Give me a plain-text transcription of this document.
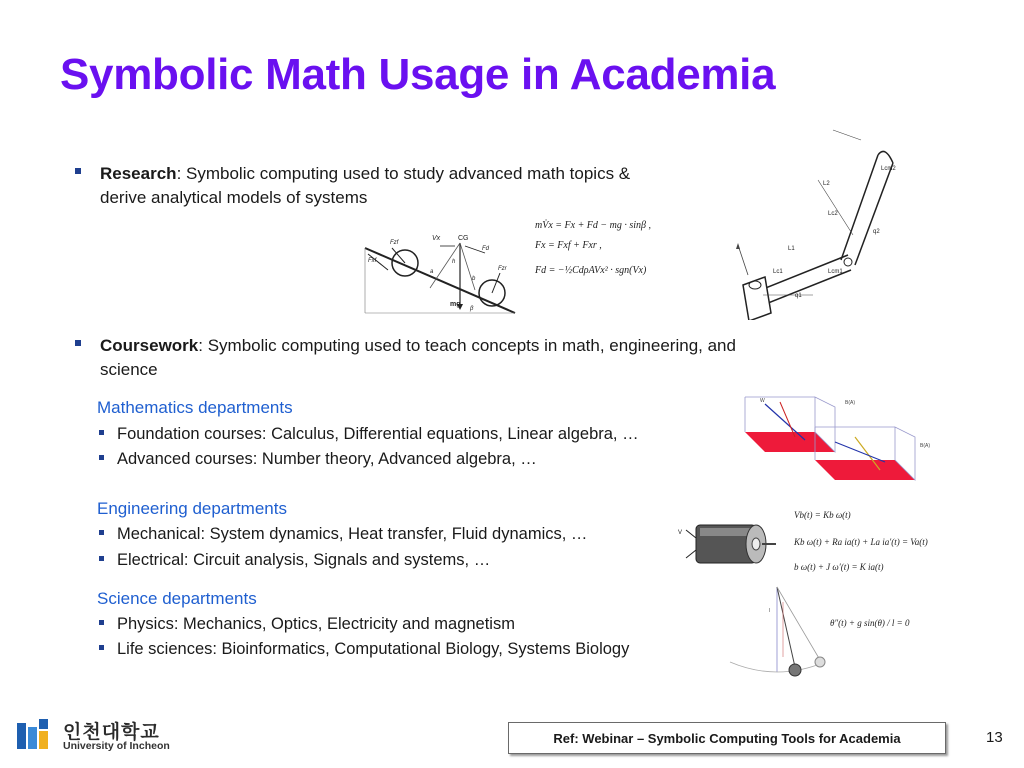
Symbolic Math Usage in Academia
Research: Symbolic computing used to study advanced math topics &
derive analytical models of systems
CG
Vx
mg
Fzf
Fzr
Fxf
Fd
a
b
h
β
mV̇x = Fx + Fd − mg · sinβ ,
Fx = Fxf + Fxr ,
Fd = −½CdρAVx² · sgn(Vx)
Lcm2
L2
Lc2
L1
Lc1	Lcm1
q1
q2
Coursework: Symbolic computing used to teach concepts in math, engineering, and
science
Mathematics departments
Foundation courses: Calculus, Differential equations, Linear algebra, …
Advanced courses: Number theory, Advanced algebra, …
W	B(A)
B(A)
Engineering departments
Mechanical: System dynamics, Heat transfer, Fluid dynamics, …
Electrical: Circuit analysis, Signals and systems, …
V
Vb(t) = Kb ω(t)
Kb ω(t) + Ra ia(t) + La ia′(t) = Va(t)
b ω(t) + J ω′(t) = K ia(t)
Science departments
Physics: Mechanics, Optics, Electricity and magnetism
Life sciences: Bioinformatics, Computational Biology, Systems Biology
l
θ″(t) + g sin(θ) / l = 0
인천대학교
University of Incheon
Ref: Webinar – Symbolic Computing Tools for Academia	13
